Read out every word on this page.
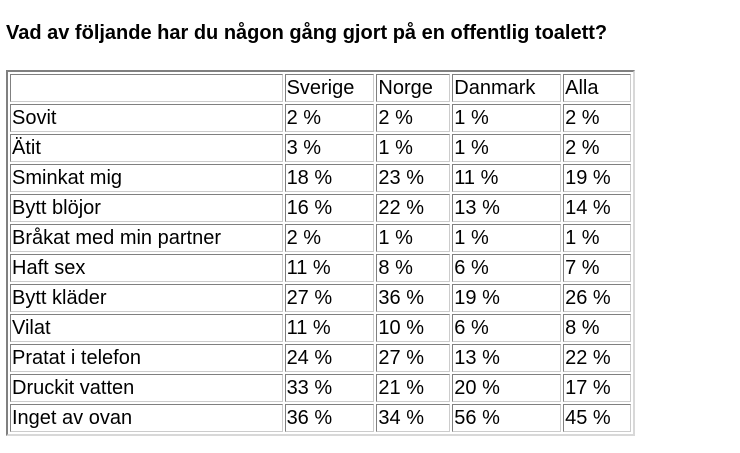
Vad av följande har du någon gång gjort på en offentlig toalett?
	Sverige	Norge	Danmark	Alla
Sovit	2 %	2 %	1 %	2 %
Ätit	3 %	1 %	1 %	2 %
Sminkat mig	18 %	23 %	11 %	19 %
Bytt blöjor	16 %	22 %	13 %	14 %
Bråkat med min partner	2 %	1 %	1 %	1 %
Haft sex	11 %	8 %	6 %	7 %
Bytt kläder	27 %	36 %	19 %	26 %
Vilat	11 %	10 %	6 %	8 %
Pratat i telefon	24 %	27 %	13 %	22 %
Druckit vatten	33 %	21 %	20 %	17 %
Inget av ovan	36 %	34 %	56 %	45 %
